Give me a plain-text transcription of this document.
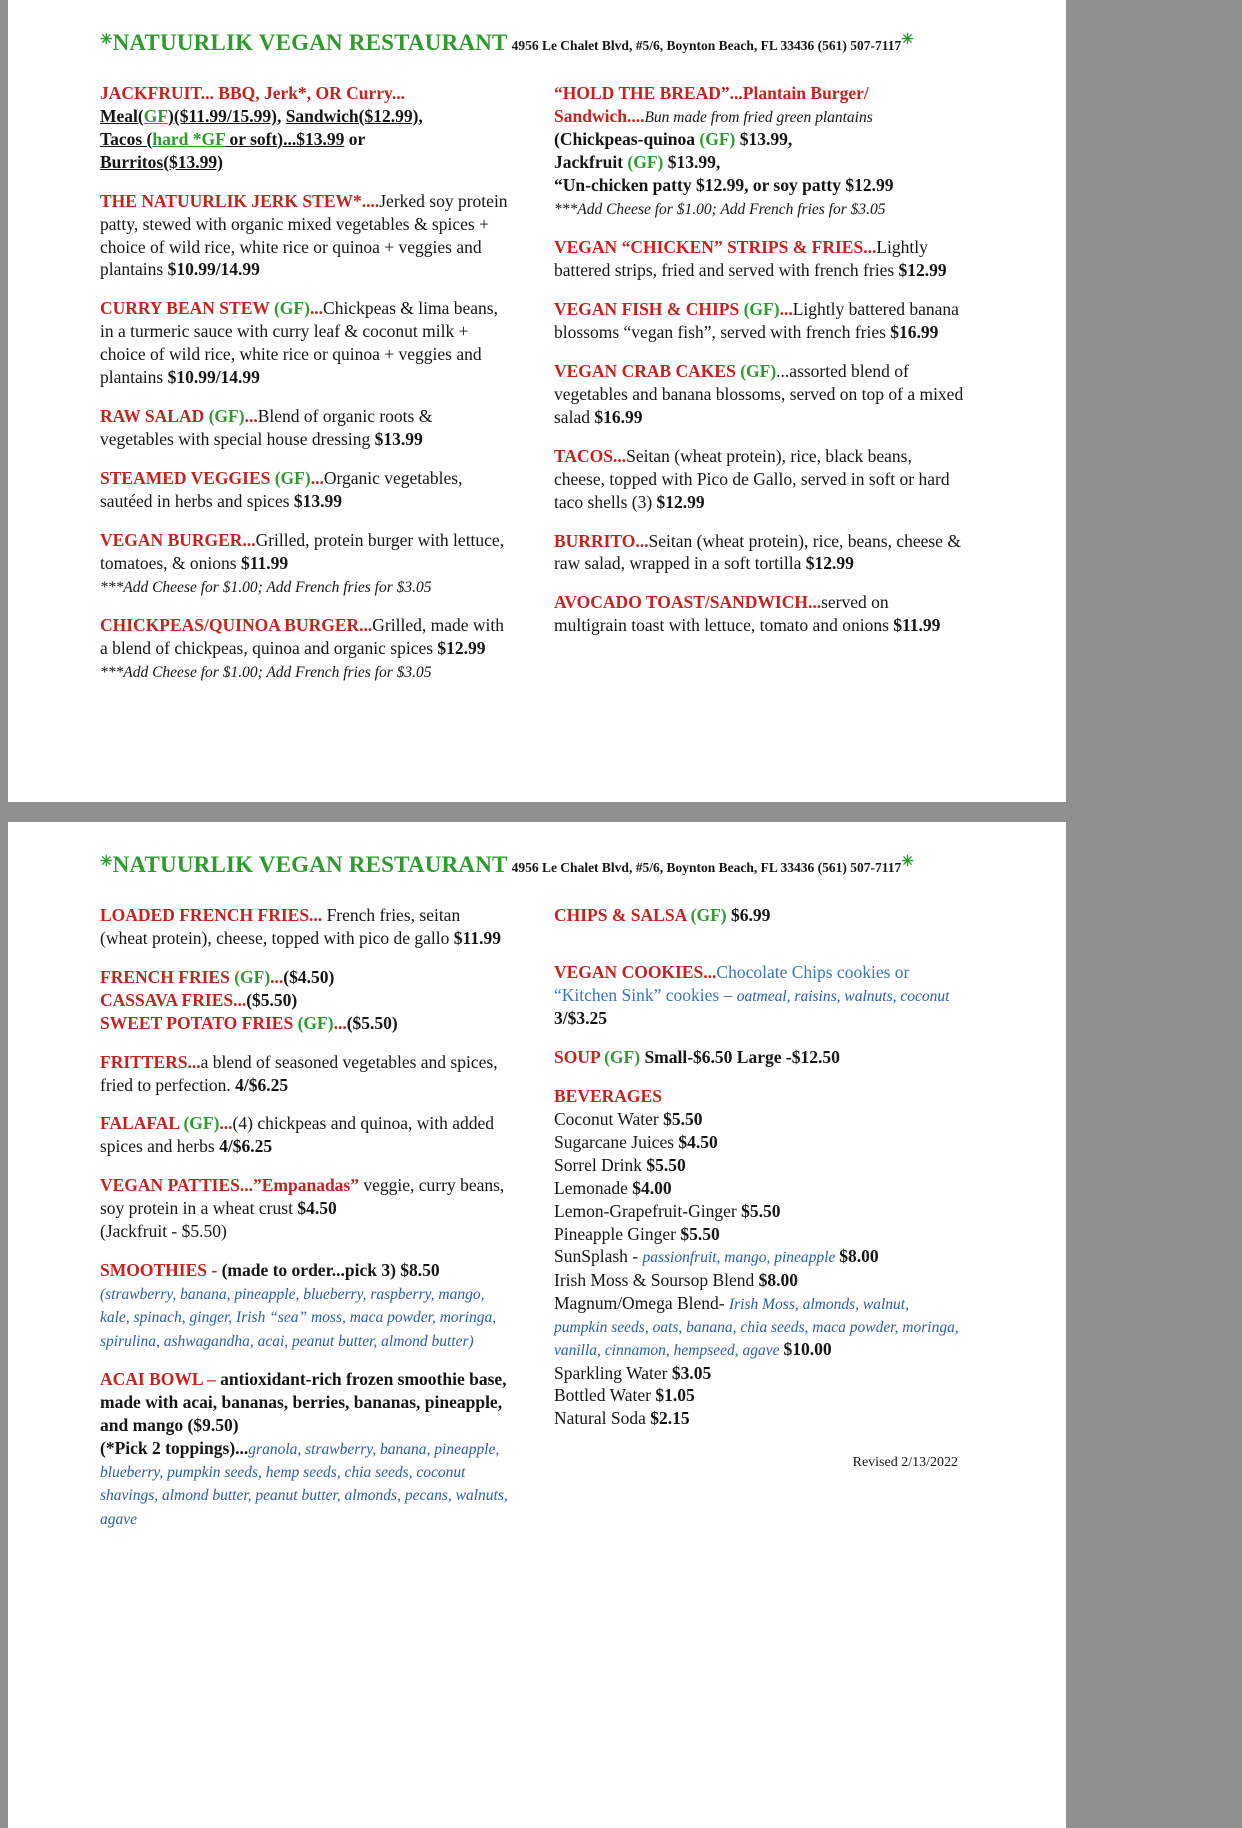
✳NATUURLIK VEGAN RESTAURANT 4956 Le Chalet Blvd, #5/6, Boynton Beach, FL 33436 (561) 507-7117✳
JACKFRUIT... BBQ, Jerk*, OR Curry...
Meal(GF)($11.99/15.99), Sandwich($12.99),
Tacos (hard *GF or soft)...$13.99 or
Burritos($13.99)
THE NATUURLIK JERK STEW*....Jerked soy protein patty, stewed with organic mixed vegetables & spices + choice of wild rice, white rice or quinoa + veggies and plantains $10.99/14.99
CURRY BEAN STEW (GF)...Chickpeas & lima beans, in a turmeric sauce with curry leaf & coconut milk + choice of wild rice, white rice or quinoa + veggies and plantains $10.99/14.99
RAW SALAD (GF)...Blend of organic roots & vegetables with special house dressing $13.99
STEAMED VEGGIES (GF)...Organic vegetables, sautéed in herbs and spices $13.99
VEGAN BURGER...Grilled, protein burger with lettuce, tomatoes, & onions $11.99
***Add Cheese for $1.00; Add French fries for $3.05
CHICKPEAS/QUINOA BURGER...Grilled, made with a blend of chickpeas, quinoa and organic spices $12.99
***Add Cheese for $1.00; Add French fries for $3.05
“HOLD THE BREAD”...Plantain Burger/
Sandwich....Bun made from fried green plantains
(Chickpeas-quinoa (GF) $13.99,
Jackfruit (GF) $13.99,
“Un-chicken patty $12.99, or soy patty $12.99
***Add Cheese for $1.00; Add French fries for $3.05
VEGAN “CHICKEN” STRIPS & FRIES...Lightly battered strips, fried and served with french fries $12.99
VEGAN FISH & CHIPS (GF)...Lightly battered banana blossoms “vegan fish”, served with french fries $16.99
VEGAN CRAB CAKES (GF)...assorted blend of vegetables and banana blossoms, served on top of a mixed salad $16.99
TACOS...Seitan (wheat protein), rice, black beans, cheese, topped with Pico de Gallo, served in soft or hard taco shells (3) $12.99
BURRITO...Seitan (wheat protein), rice, beans, cheese & raw salad, wrapped in a soft tortilla $12.99
AVOCADO TOAST/SANDWICH...served on multigrain toast with lettuce, tomato and onions $11.99
✳NATUURLIK VEGAN RESTAURANT 4956 Le Chalet Blvd, #5/6, Boynton Beach, FL 33436 (561) 507-7117✳
LOADED FRENCH FRIES... French fries, seitan (wheat protein), cheese, topped with pico de gallo $11.99
FRENCH FRIES (GF)...($4.50)
CASSAVA FRIES...($5.50)
SWEET POTATO FRIES (GF)...($5.50)
FRITTERS...a blend of seasoned vegetables and spices, fried to perfection. 4/$6.25
FALAFAL (GF)...(4) chickpeas and quinoa, with added spices and herbs 4/$6.25
VEGAN PATTIES...”Empanadas” veggie, curry beans, soy protein in a wheat crust $4.50
(Jackfruit - $5.50)
SMOOTHIES - (made to order...pick 3) $8.50
(strawberry, banana, pineapple, blueberry, raspberry, mango, kale, spinach, ginger, Irish “sea” moss, maca powder, moringa, spirulina, ashwagandha, acai, peanut butter, almond butter)
ACAI BOWL – antioxidant-rich frozen smoothie base, made with acai, bananas, berries, bananas, pineapple, and mango ($9.50)
(*Pick 2 toppings)...granola, strawberry, banana, pineapple, blueberry, pumpkin seeds, hemp seeds, chia seeds, coconut shavings, almond butter, peanut butter, almonds, pecans, walnuts, agave
CHIPS & SALSA (GF) $6.99
VEGAN COOKIES...Chocolate Chips cookies or “Kitchen Sink” cookies – oatmeal, raisins, walnuts, coconut 3/$3.25
SOUP (GF) Small-$6.50 Large -$12.50
BEVERAGES
Coconut Water $5.50
Sugarcane Juices $4.50
Sorrel Drink $5.50
Lemonade $4.00
Lemon-Grapefruit-Ginger $5.50
Pineapple Ginger $5.50
SunSplash - passionfruit, mango, pineapple $8.00
Irish Moss & Soursop Blend $8.00
Magnum/Omega Blend- Irish Moss, almonds, walnut, pumpkin seeds, oats, banana, chia seeds, maca powder, moringa, vanilla, cinnamon, hempseed, agave $10.00
Sparkling Water $3.05
Bottled Water $1.05
Natural Soda $2.15
Revised 2/13/2022
